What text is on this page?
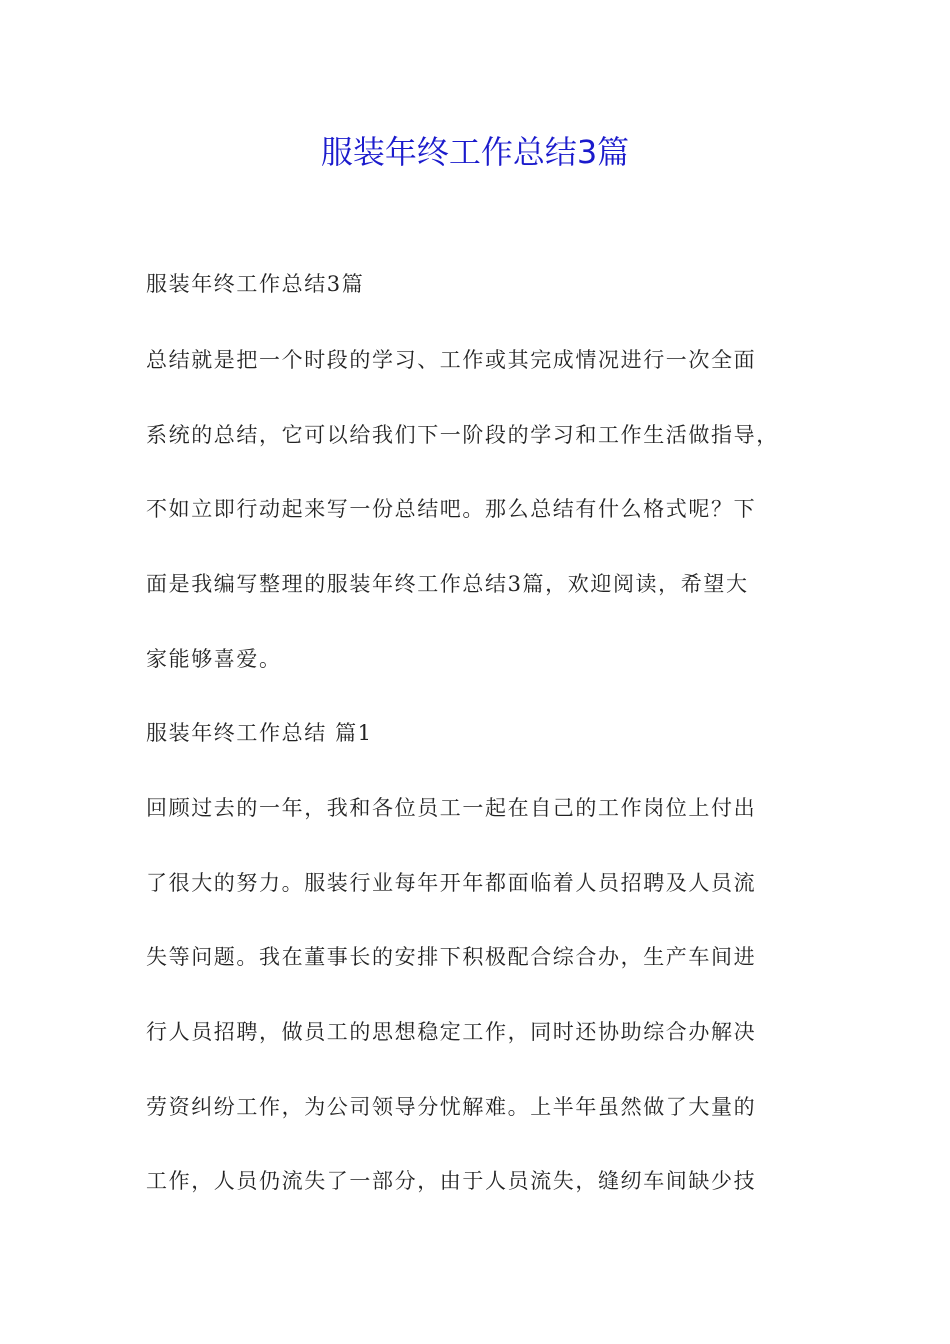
服装年终工作总结3篇

服装年终工作总结3篇

总结就是把一个时段的学习、工作或其完成情况进行一次全面

系统的总结，它可以给我们下一阶段的学习和工作生活做指导，

不如立即行动起来写一份总结吧。那么总结有什么格式呢？下

面是我编写整理的服装年终工作总结3篇，欢迎阅读，希望大

家能够喜爱。

服装年终工作总结 篇1

回顾过去的一年，我和各位员工一起在自己的工作岗位上付出

了很大的努力。服装行业每年开年都面临着人员招聘及人员流

失等问题。我在董事长的安排下积极配合综合办，生产车间进

行人员招聘，做员工的思想稳定工作，同时还协助综合办解决

劳资纠纷工作，为公司领导分忧解难。上半年虽然做了大量的

工作，人员仍流失了一部分，由于人员流失，缝纫车间缺少技
